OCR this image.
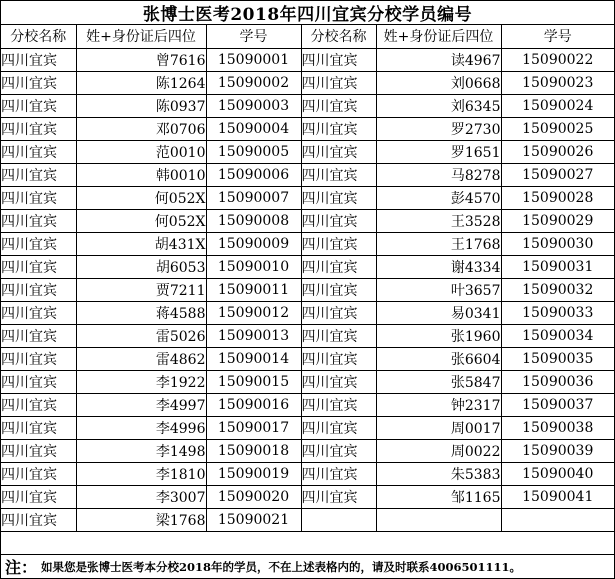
张博士医考2018年四川宜宾分校学员编号
分校名称	姓+身份证后四位	学号	分校名称	姓+身份证后四位	学号
四川宜宾	曾7616	15090001	四川宜宾	读4967	15090022
四川宜宾	陈1264	15090002	四川宜宾	刘0668	15090023
四川宜宾	陈0937	15090003	四川宜宾	刘6345	15090024
四川宜宾	邓0706	15090004	四川宜宾	罗2730	15090025
四川宜宾	范0010	15090005	四川宜宾	罗1651	15090026
四川宜宾	韩0010	15090006	四川宜宾	马8278	15090027
四川宜宾	何052X	15090007	四川宜宾	彭4570	15090028
四川宜宾	何052X	15090008	四川宜宾	王3528	15090029
四川宜宾	胡431X	15090009	四川宜宾	王1768	15090030
四川宜宾	胡6053	15090010	四川宜宾	谢4334	15090031
四川宜宾	贾7211	15090011	四川宜宾	叶3657	15090032
四川宜宾	蒋4588	15090012	四川宜宾	易0341	15090033
四川宜宾	雷5026	15090013	四川宜宾	张1960	15090034
四川宜宾	雷4862	15090014	四川宜宾	张6604	15090035
四川宜宾	李1922	15090015	四川宜宾	张5847	15090036
四川宜宾	李4997	15090016	四川宜宾	钟2317	15090037
四川宜宾	李4996	15090017	四川宜宾	周0017	15090038
四川宜宾	李1498	15090018	四川宜宾	周0022	15090039
四川宜宾	李1810	15090019	四川宜宾	朱5383	15090040
四川宜宾	李3007	15090020	四川宜宾	邹1165	15090041
四川宜宾	梁1768	15090021			
注： 如果您是张博士医考本分校2018年的学员，不在上述表格内的，请及时联系4006501111。
